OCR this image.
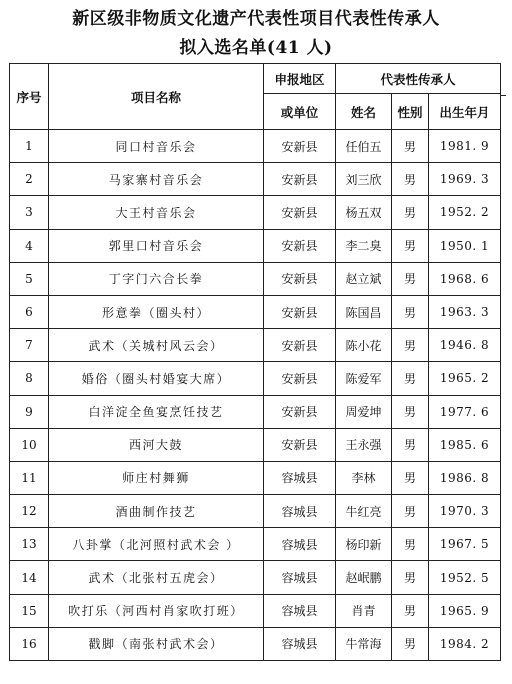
新区级非物质文化遗产代表性项目代表性传承人
拟入选名单(41 人)
序号	项目名称	申报地区	代表性传承人		
		或单位	姓名	性别	出生年月
1	同口村音乐会	安新县	任伯五	男	1981. 9
2	马家寨村音乐会	安新县	刘三欣	男	1969. 3
3	大王村音乐会	安新县	杨五双	男	1952. 2
4	郭里口村音乐会	安新县	李二臭	男	1950. 1
5	丁字门六合长拳	安新县	赵立斌	男	1968. 6
6	形意拳（圈头村）	安新县	陈国昌	男	1963. 3
7	武术（关城村风云会）	安新县	陈小花	男	1946. 8
8	婚俗（圈头村婚宴大席）	安新县	陈爱军	男	1965. 2
9	白洋淀全鱼宴烹饪技艺	安新县	周爱坤	男	1977. 6
10	西河大鼓	安新县	王永强	男	1985. 6
11	师庄村舞狮	容城县	李林	男	1986. 8
12	酒曲制作技艺	容城县	牛红亮	男	1970. 3
13	八卦掌（北河照村武术会 ）	容城县	杨印新	男	1967. 5
14	武术（北张村五虎会）	容城县	赵岷鹏	男	1952. 5
15	吹打乐（河西村肖家吹打班）	容城县	肖青	男	1965. 9
16	戳脚（南张村武术会）	容城县	牛常海	男	1984. 2
